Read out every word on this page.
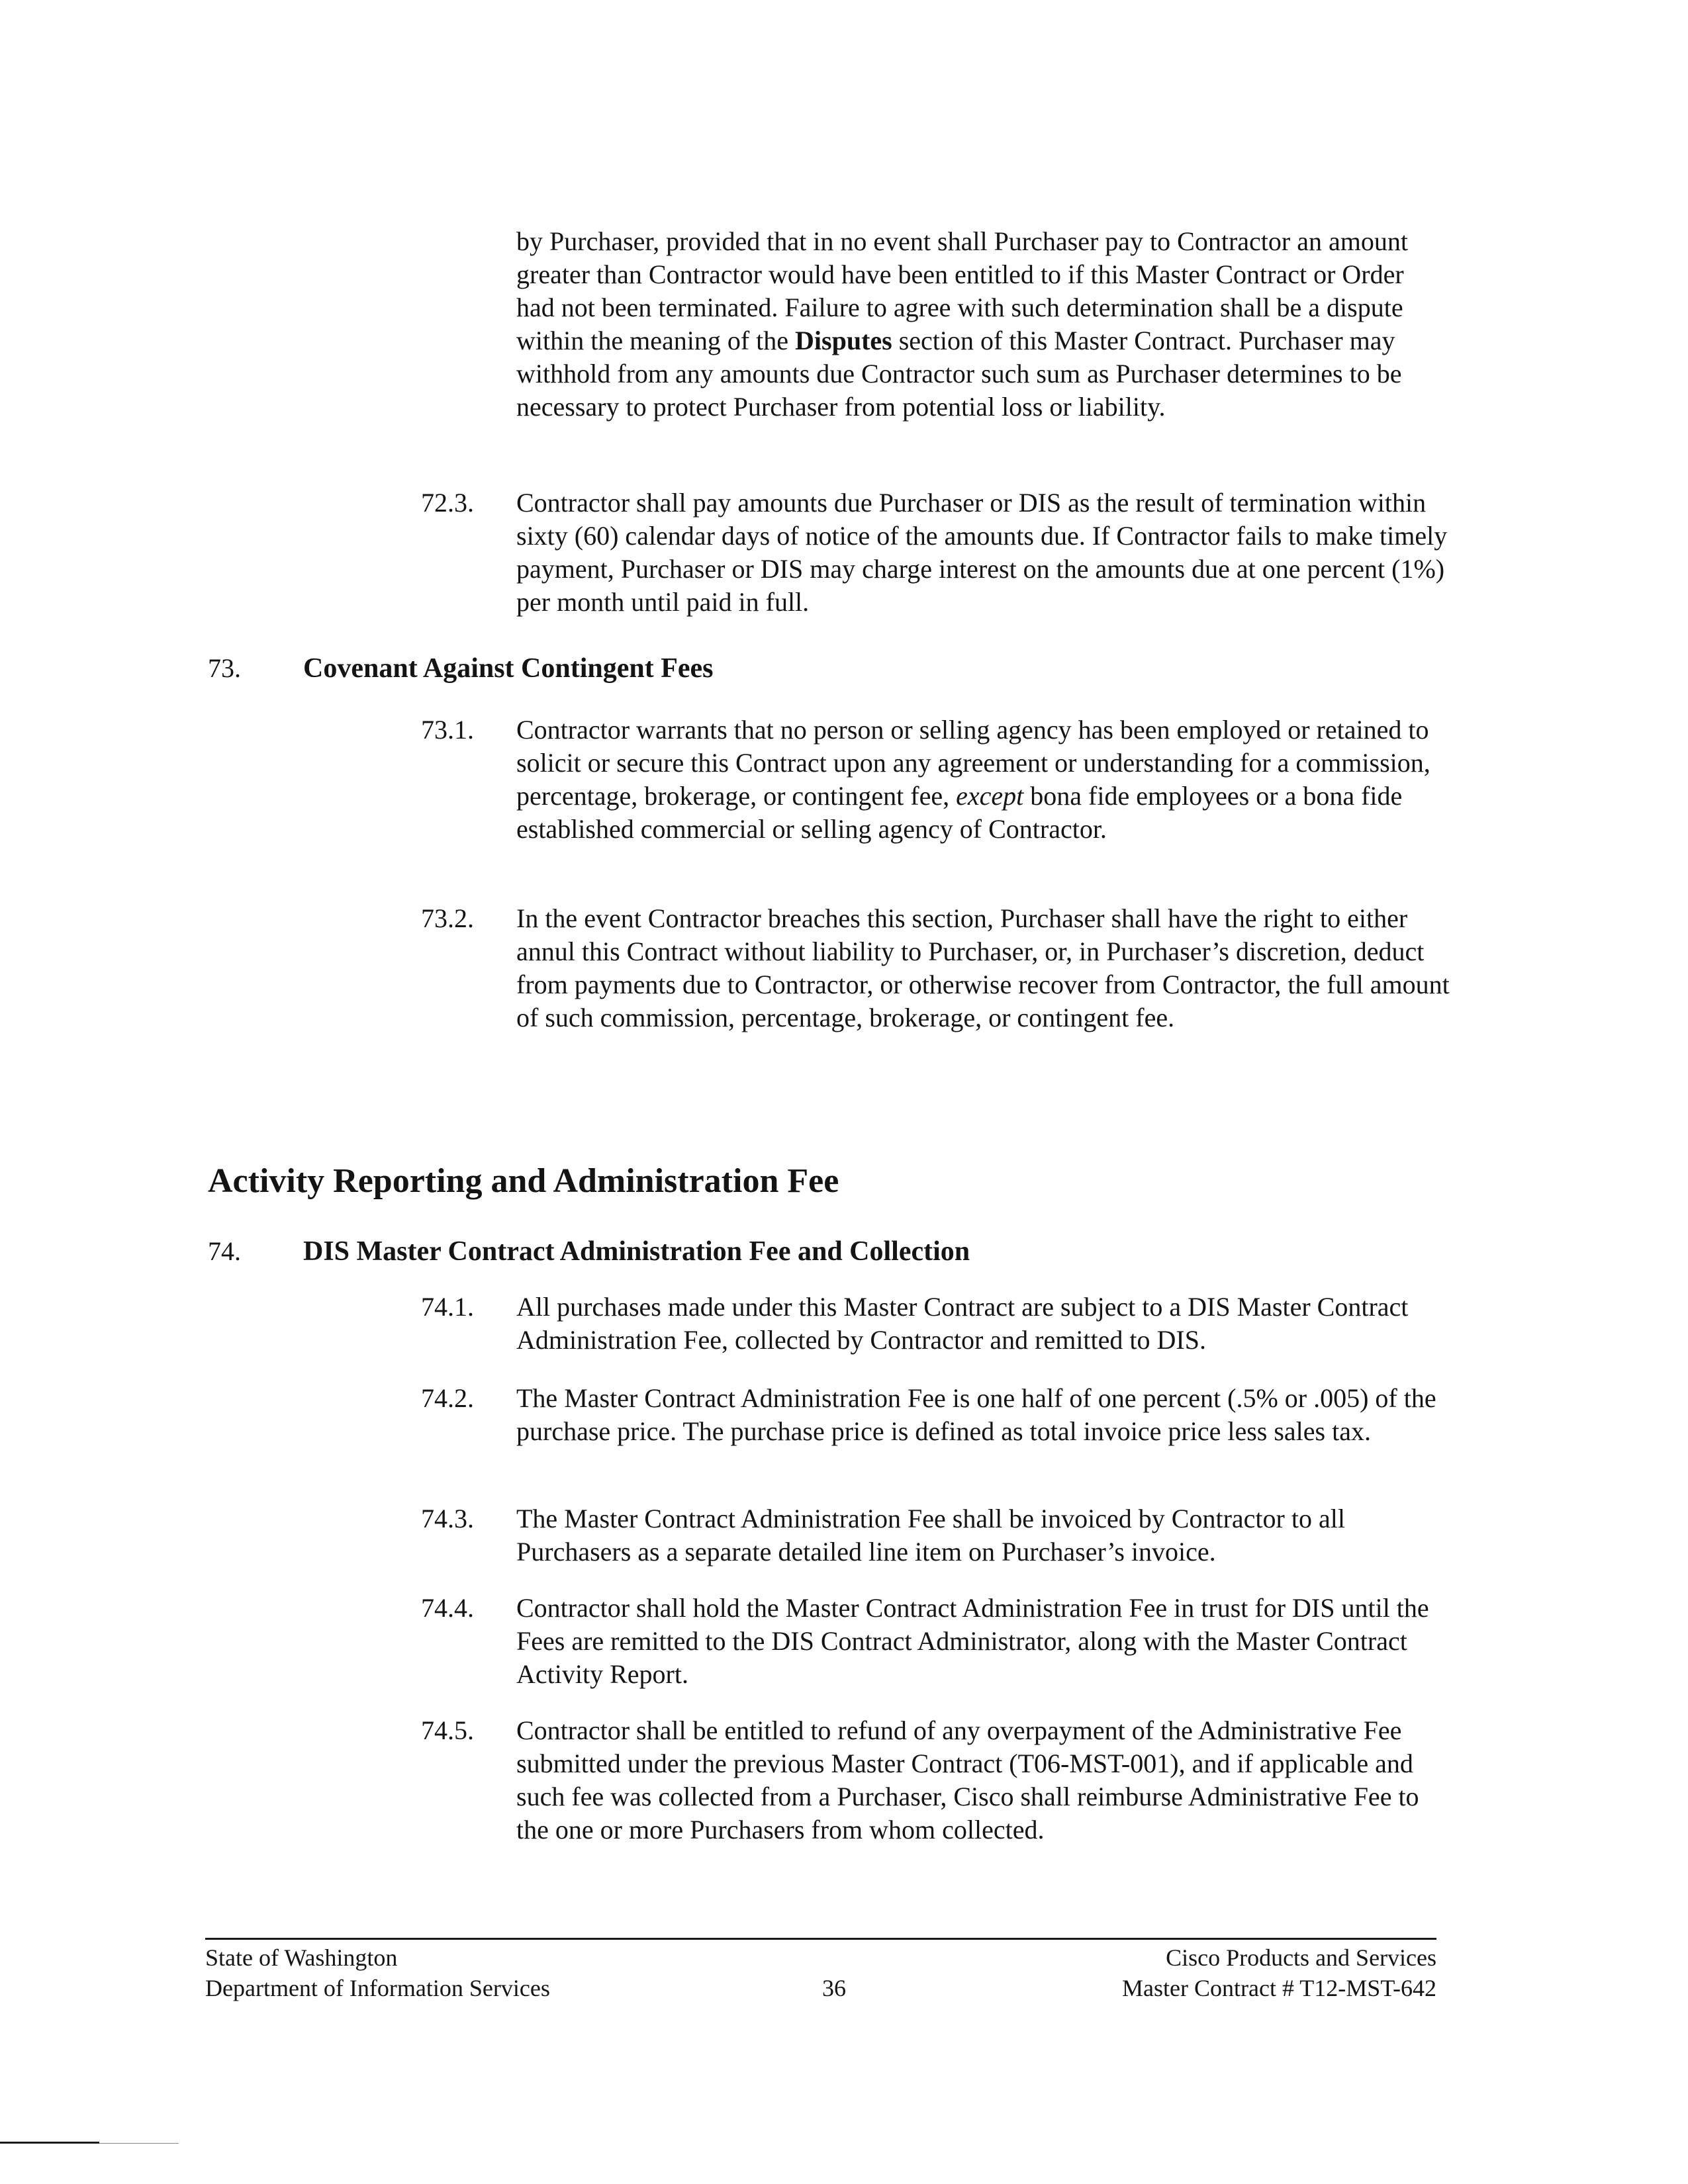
by Purchaser, provided that in no event shall Purchaser pay to Contractor an amount greater than Contractor would have been entitled to if this Master Contract or Order had not been terminated. Failure to agree with such determination shall be a dispute within the meaning of the Disputes section of this Master Contract. Purchaser may withhold from any amounts due Contractor such sum as Purchaser determines to be necessary to protect Purchaser from potential loss or liability.
72.3. Contractor shall pay amounts due Purchaser or DIS as the result of termination within sixty (60) calendar days of notice of the amounts due. If Contractor fails to make timely payment, Purchaser or DIS may charge interest on the amounts due at one percent (1%) per month until paid in full.
73. Covenant Against Contingent Fees
73.1. Contractor warrants that no person or selling agency has been employed or retained to solicit or secure this Contract upon any agreement or understanding for a commission, percentage, brokerage, or contingent fee, except bona fide employees or a bona fide established commercial or selling agency of Contractor.
73.2. In the event Contractor breaches this section, Purchaser shall have the right to either annul this Contract without liability to Purchaser, or, in Purchaser’s discretion, deduct from payments due to Contractor, or otherwise recover from Contractor, the full amount of such commission, percentage, brokerage, or contingent fee.
Activity Reporting and Administration Fee
74. DIS Master Contract Administration Fee and Collection
74.1. All purchases made under this Master Contract are subject to a DIS Master Contract Administration Fee, collected by Contractor and remitted to DIS.
74.2. The Master Contract Administration Fee is one half of one percent (.5% or .005) of the purchase price. The purchase price is defined as total invoice price less sales tax.
74.3. The Master Contract Administration Fee shall be invoiced by Contractor to all Purchasers as a separate detailed line item on Purchaser’s invoice.
74.4. Contractor shall hold the Master Contract Administration Fee in trust for DIS until the Fees are remitted to the DIS Contract Administrator, along with the Master Contract Activity Report.
74.5. Contractor shall be entitled to refund of any overpayment of the Administrative Fee submitted under the previous Master Contract (T06-MST-001), and if applicable and such fee was collected from a Purchaser, Cisco shall reimburse Administrative Fee to the one or more Purchasers from whom collected.
State of Washington
Department of Information Services	36
Cisco Products and Services
Master Contract # T12-MST-642
